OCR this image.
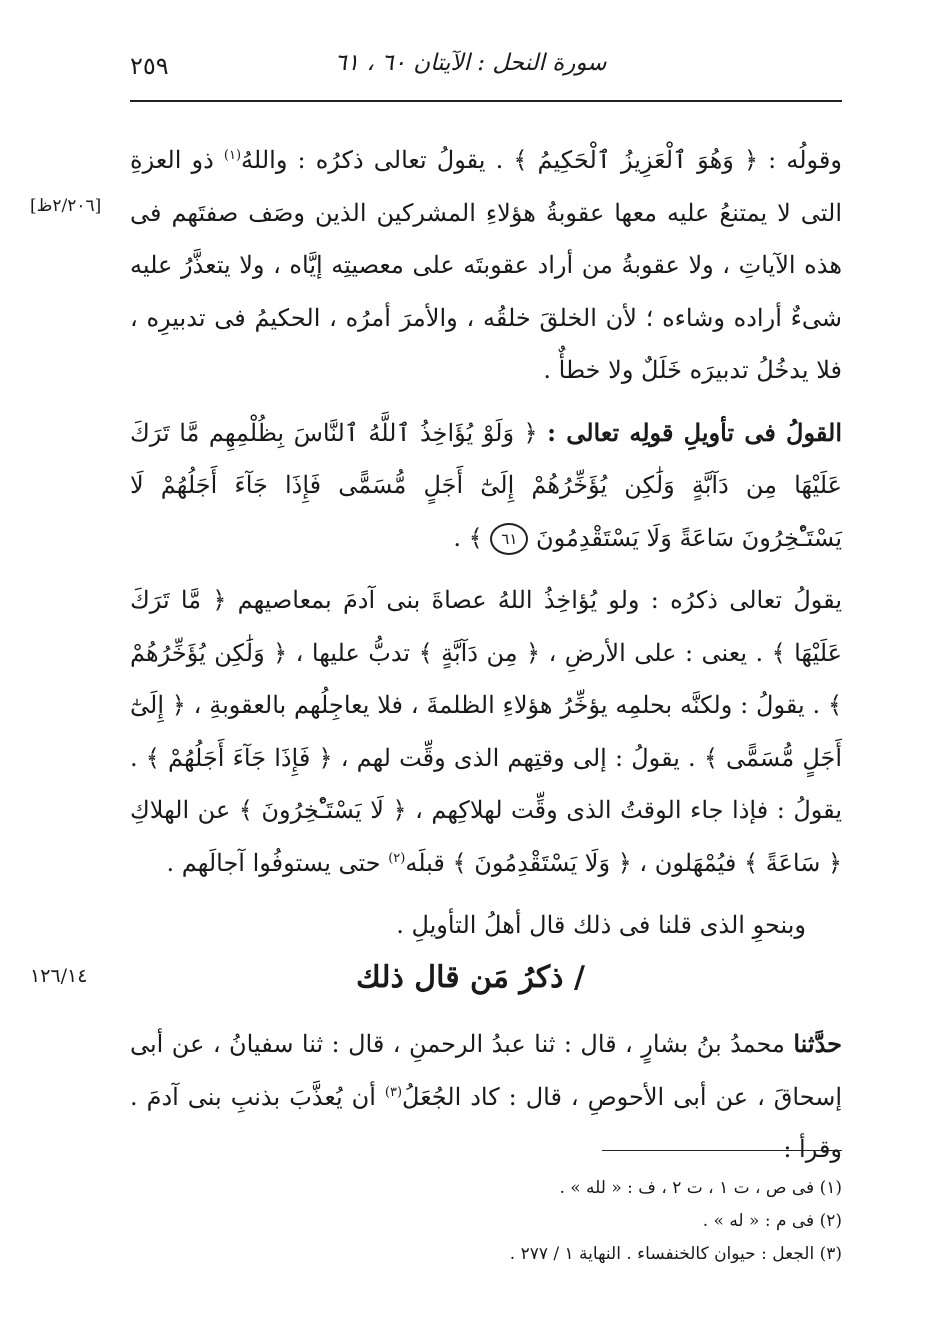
سورة النحل : الآيتان ٦٠ ، ٦١
٢٥٩
[٢/٢٠٦ظ]

وقولُه : ﴿ وَهُوَ ٱلْعَزِيزُ ٱلْحَكِيمُ ﴾ . يقولُ تعالى ذكرُه : واللهُ$^{(١)}$ ذو العزةِ التى لا يمتنعُ عليه معها عقوبةُ هؤلاءِ المشركين الذين وصَف صفتَهم فى هذه الآياتِ ، ولا عقوبةُ من أراد عقوبتَه على معصيتِه إيَّاه ، ولا يتعذَّرُ عليه شىءٌ أراده وشاءه ؛ لأن الخلقَ خلقُه ، والأمرَ أمرُه ، الحكيمُ فى تدبيرِه ، فلا يدخُلُ تدبيرَه خَلَلٌ ولا خطأٌ .

القولُ فى تأويلِ قولِه تعالى : ﴿ وَلَوْ يُؤَاخِذُ ٱللَّهُ ٱلنَّاسَ بِظُلْمِهِم مَّا تَرَكَ عَلَيْهَا مِن دَآبَّةٍ وَلَٰكِن يُؤَخِّرُهُمْ إِلَىٰٓ أَجَلٍ مُّسَمًّى فَإِذَا جَآءَ أَجَلُهُمْ لَا يَسْتَـْٔخِرُونَ سَاعَةً وَلَا يَسْتَقْدِمُونَ ٦١ ﴾ .

يقولُ تعالى ذكرُه : ولو يُؤاخِذُ اللهُ عصاةَ بنى آدمَ بمعاصيهم ﴿ مَّا تَرَكَ عَلَيْهَا ﴾ . يعنى : على الأرضِ ، ﴿ مِن دَآبَّةٍ ﴾ تدبُّ عليها ، ﴿ وَلَٰكِن يُؤَخِّرُهُمْ ﴾ . يقولُ : ولكنَّه بحلمِه يؤخِّرُ هؤلاءِ الظلمةَ ، فلا يعاجِلُهم بالعقوبةِ ، ﴿ إِلَىٰٓ أَجَلٍ مُّسَمًّى ﴾ . يقولُ : إلى وقتِهم الذى وقِّت لهم ، ﴿ فَإِذَا جَآءَ أَجَلُهُمْ ﴾ . يقولُ : فإذا جاء الوقتُ الذى وقِّت لهلاكِهم ، ﴿ لَا يَسْتَـْٔخِرُونَ ﴾ عن الهلاكِ ﴿ سَاعَةً ﴾ فيُمْهَلون ، ﴿ وَلَا يَسْتَقْدِمُونَ ﴾ قبلَه$^{(٢)}$ حتى يستوفُوا آجالَهم .

وبنحوِ الذى قلنا فى ذلك قال أهلُ التأويلِ .

/ ذكرُ مَن قال ذلك
١٢٦/١٤

حدَّثنا محمدُ بنُ بشارٍ ، قال : ثنا عبدُ الرحمنِ ، قال : ثنا سفيانُ ، عن أبى إسحاقَ ، عن أبى الأحوصِ ، قال : كاد الجُعَلُ$^{(٣)}$ أن يُعذَّبَ بذنبِ بنى آدمَ . وقرأ :

(١) فى ص ، ت ١ ، ت ٢ ، ف : « لله » .
(٢) فى م : « له » .
(٣) الجعل : حيوان كالخنفساء . النهاية ١ / ٢٧٧ .
